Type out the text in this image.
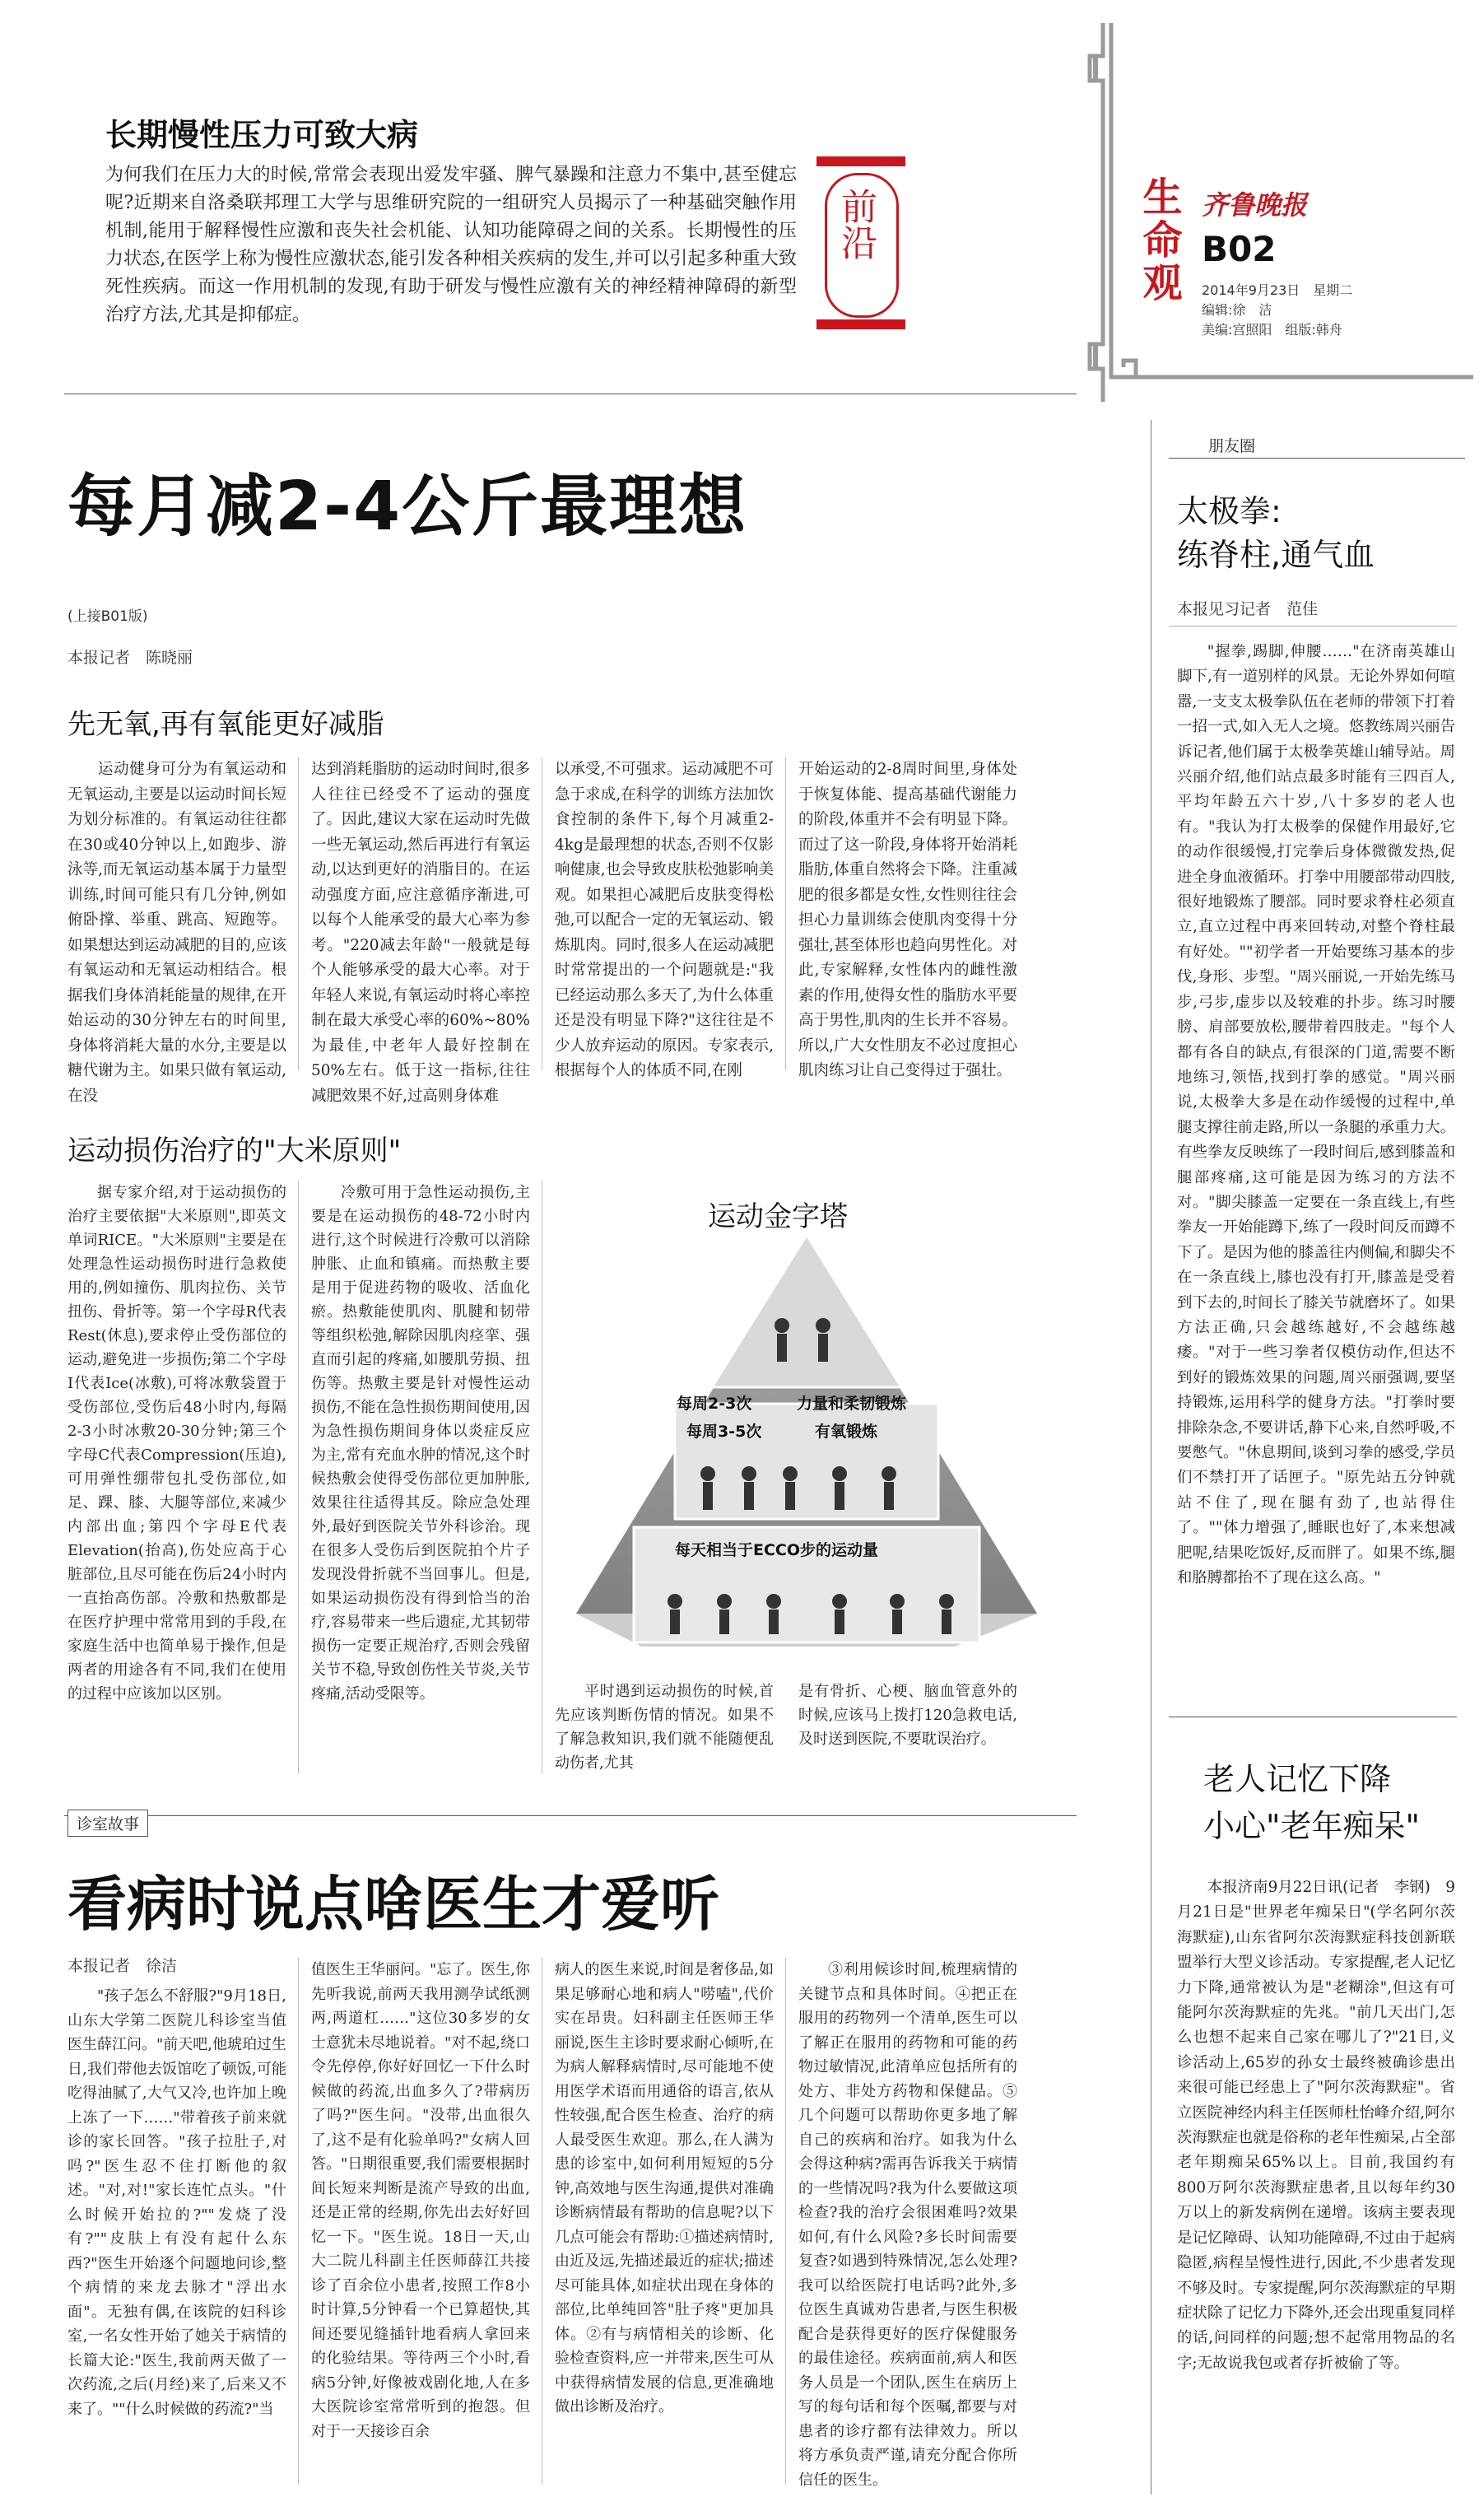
生命观 齐鲁晚报
B02
2014年9月23日　星期二
编辑:徐　洁
美编:宫照阳　组版:韩舟
长期慢性压力可致大病
为何我们在压力大的时候,常常会表现出爱发牢骚、脾气暴躁和注意力不集中,甚至健忘呢?近期来自洛桑联邦理工大学与思维研究院的一组研究人员揭示了一种基础突触作用机制,能用于解释慢性应激和丧失社会机能、认知功能障碍之间的关系。长期慢性的压力状态,在医学上称为慢性应激状态,能引发各种相关疾病的发生,并可以引起多种重大致死性疾病。而这一作用机制的发现,有助于研发与慢性应激有关的神经精神障碍的新型治疗方法,尤其是抑郁症。
前沿
每月减2-4公斤最理想
(上接B01版)
本报记者　陈晓丽
先无氧,再有氧能更好减脂

运动健身可分为有氧运动和无氧运动,主要是以运动时间长短为划分标准的。有氧运动往往都在30或40分钟以上,如跑步、游泳等,而无氧运动基本属于力量型训练,时间可能只有几分钟,例如俯卧撑、举重、跳高、短跑等。如果想达到运动减肥的目的,应该有氧运动和无氧运动相结合。根据我们身体消耗能量的规律,在开始运动的30分钟左右的时间里,身体将消耗大量的水分,主要是以糖代谢为主。如果只做有氧运动,在没

达到消耗脂肪的运动时间时,很多人往往已经受不了运动的强度了。因此,建议大家在运动时先做一些无氧运动,然后再进行有氧运动,以达到更好的消脂目的。在运动强度方面,应注意循序渐进,可以每个人能承受的最大心率为参考。"220减去年龄"一般就是每个人能够承受的最大心率。对于年轻人来说,有氧运动时将心率控制在最大承受心率的60%~80%为最佳,中老年人最好控制在50%左右。低于这一指标,往往减肥效果不好,过高则身体难

以承受,不可强求。运动减肥不可急于求成,在科学的训练方法加饮食控制的条件下,每个月减重2-4kg是最理想的状态,否则不仅影响健康,也会导致皮肤松弛影响美观。如果担心减肥后皮肤变得松弛,可以配合一定的无氧运动、锻炼肌肉。同时,很多人在运动减肥时常常提出的一个问题就是:"我已经运动那么多天了,为什么体重还是没有明显下降?"这往往是不少人放弃运动的原因。专家表示,根据每个人的体质不同,在刚

开始运动的2-8周时间里,身体处于恢复体能、提高基础代谢能力的阶段,体重并不会有明显下降。而过了这一阶段,身体将开始消耗脂肪,体重自然将会下降。注重减肥的很多都是女性,女性则往往会担心力量训练会使肌肉变得十分强壮,甚至体形也趋向男性化。对此,专家解释,女性体内的雌性激素的作用,使得女性的脂肪水平要高于男性,肌肉的生长并不容易。所以,广大女性朋友不必过度担心肌肉练习让自己变得过于强壮。

运动损伤治疗的"大米原则"

据专家介绍,对于运动损伤的治疗主要依据"大米原则",即英文单词RICE。"大米原则"主要是在处理急性运动损伤时进行急救使用的,例如撞伤、肌肉拉伤、关节扭伤、骨折等。第一个字母R代表Rest(休息),要求停止受伤部位的运动,避免进一步损伤;第二个字母I代表Ice(冰敷),可将冰敷袋置于受伤部位,受伤后48小时内,每隔2-3小时冰敷20-30分钟;第三个字母C代表Compression(压迫),可用弹性绷带包扎受伤部位,如足、踝、膝、大腿等部位,来减少内部出血;第四个字母E代表Elevation(抬高),伤处应高于心脏部位,且尽可能在伤后24小时内一直抬高伤部。冷敷和热敷都是在医疗护理中常常用到的手段,在家庭生活中也简单易于操作,但是两者的用途各有不同,我们在使用的过程中应该加以区别。

冷敷可用于急性运动损伤,主要是在运动损伤的48-72小时内进行,这个时候进行冷敷可以消除肿胀、止血和镇痛。而热敷主要是用于促进药物的吸收、活血化瘀。热敷能使肌肉、肌腱和韧带等组织松弛,解除因肌肉痉挛、强直而引起的疼痛,如腰肌劳损、扭伤等。热敷主要是针对慢性运动损伤,不能在急性损伤期间使用,因为急性损伤期间身体以炎症反应为主,常有充血水肿的情况,这个时候热敷会使得受伤部位更加肿胀,效果往往适得其反。除应急处理外,最好到医院关节外科诊治。现在很多人受伤后到医院拍个片子发现没骨折就不当回事儿。但是,如果运动损伤没有得到恰当的治疗,容易带来一些后遗症,尤其韧带损伤一定要正规治疗,否则会残留关节不稳,导致创伤性关节炎,关节疼痛,活动受限等。

运动金字塔
每周2-3次	力量和柔韧锻炼
每周3-5次	有氧锻炼
每天相当于ECCO步的运动量

平时遇到运动损伤的时候,首先应该判断伤情的情况。如果不了解急救知识,我们就不能随便乱动伤者,尤其

是有骨折、心梗、脑血管意外的时候,应该马上拨打120急救电话,及时送到医院,不要耽误治疗。

诊室故事
看病时说点啥医生才爱听
本报记者　徐洁

"孩子怎么不舒服?"9月18日,山东大学第二医院儿科诊室当值医生薛江问。"前天吧,他琥珀过生日,我们带他去饭馆吃了顿饭,可能吃得油腻了,大气又冷,也许加上晚上冻了一下……"带着孩子前来就诊的家长回答。"孩子拉肚子,对吗?"医生忍不住打断他的叙述。"对,对!"家长连忙点头。"什么时候开始拉的?""发烧了没有?""皮肤上有没有起什么东西?"医生开始逐个问题地问诊,整个病情的来龙去脉才"浮出水面"。无独有偶,在该院的妇科诊室,一名女性开始了她关于病情的长篇大论:"医生,我前两天做了一次药流,之后(月经)来了,后来又不来了。""什么时候做的药流?"当

值医生王华丽问。"忘了。医生,你先听我说,前两天我用测孕试纸测两,两道杠……"这位30多岁的女士意犹未尽地说着。"对不起,绕口令先停停,你好好回忆一下什么时候做的药流,出血多久了?带病历了吗?"医生问。"没带,出血很久了,这不是有化验单吗?"女病人回答。"日期很重要,我们需要根据时间长短来判断是流产导致的出血,还是正常的经期,你先出去好好回忆一下。"医生说。18日一天,山大二院儿科副主任医师薛江共接诊了百余位小患者,按照工作8小时计算,5分钟看一个已算超快,其间还要见缝插针地看病人拿回来的化验结果。等待两三个小时,看病5分钟,好像被戏剧化地,人在多大医院诊室常常听到的抱怨。但对于一天接诊百余

病人的医生来说,时间是奢侈品,如果足够耐心地和病人"唠嗑",代价实在昂贵。妇科副主任医师王华丽说,医生主诊时要求耐心倾听,在为病人解释病情时,尽可能地不使用医学术语而用通俗的语言,依从性较强,配合医生检查、治疗的病人最受医生欢迎。那么,在人满为患的诊室中,如何利用短短的5分钟,高效地与医生沟通,提供对准确诊断病情最有帮助的信息呢?以下几点可能会有帮助:①描述病情时,由近及远,先描述最近的症状;描述尽可能具体,如症状出现在身体的部位,比单纯回答"肚子疼"更加具体。②有与病情相关的诊断、化验检查资料,应一并带来,医生可从中获得病情发展的信息,更准确地做出诊断及治疗。

③利用候诊时间,梳理病情的关键节点和具体时间。④把正在服用的药物列一个清单,医生可以了解正在服用的药物和可能的药物过敏情况,此清单应包括所有的处方、非处方药物和保健品。⑤几个问题可以帮助你更多地了解自己的疾病和治疗。如我为什么会得这种病?需再告诉我关于病情的一些情况吗?我为什么要做这项检查?我的治疗会很困难吗?效果如何,有什么风险?多长时间需要复查?如遇到特殊情况,怎么处理?我可以给医院打电话吗?此外,多位医生真诚劝告患者,与医生积极配合是获得更好的医疗保健服务的最佳途径。疾病面前,病人和医务人员是一个团队,医生在病历上写的每句话和每个医嘱,都要与对患者的诊疗都有法律效力。所以将方承负责严谨,请充分配合你所信任的医生。

朋友圈
太极拳:
练脊柱,通气血
本报见习记者　范佳

"握拳,踢脚,伸腰……"在济南英雄山脚下,有一道别样的风景。无论外界如何喧嚣,一支支太极拳队伍在老师的带领下打着一招一式,如入无人之境。悠教练周兴丽告诉记者,他们属于太极拳英雄山辅导站。周兴丽介绍,他们站点最多时能有三四百人,平均年龄五六十岁,八十多岁的老人也有。"我认为打太极拳的保健作用最好,它的动作很缓慢,打完拳后身体微微发热,促进全身血液循环。打拳中用腰部带动四肢,很好地锻炼了腰部。同时要求脊柱必须直立,直立过程中再来回转动,对整个脊柱最有好处。""初学者一开始要练习基本的步伐,身形、步型。"周兴丽说,一开始先练马步,弓步,虚步以及较难的扑步。练习时腰膀、肩部要放松,腰带着四肢走。"每个人都有各自的缺点,有很深的门道,需要不断地练习,领悟,找到打拳的感觉。"周兴丽说,太极拳大多是在动作缓慢的过程中,单腿支撑往前走路,所以一条腿的承重力大。有些拳友反映练了一段时间后,感到膝盖和腿部疼痛,这可能是因为练习的方法不对。"脚尖膝盖一定要在一条直线上,有些拳友一开始能蹲下,练了一段时间反而蹲不下了。是因为他的膝盖往内侧偏,和脚尖不在一条直线上,膝也没有打开,膝盖是受着到下去的,时间长了膝关节就磨坏了。如果方法正确,只会越练越好,不会越练越痿。"对于一些习拳者仅模仿动作,但达不到好的锻炼效果的问题,周兴丽强调,要坚持锻炼,运用科学的健身方法。"打拳时要排除杂念,不要讲话,静下心来,自然呼吸,不要憋气。"休息期间,谈到习拳的感受,学员们不禁打开了话匣子。"原先站五分钟就站不住了,现在腿有劲了,也站得住了。""体力增强了,睡眠也好了,本来想减肥呢,结果吃饭好,反而胖了。如果不练,腿和胳膊都抬不了现在这么高。"

老人记忆下降
小心"老年痴呆"

本报济南9月22日讯(记者　李钢)　9月21日是"世界老年痴呆日"(学名阿尔茨海默症),山东省阿尔茨海默症科技创新联盟举行大型义诊活动。专家提醒,老人记忆力下降,通常被认为是"老糊涂",但这有可能阿尔茨海默症的先兆。"前几天出门,怎么也想不起来自己家在哪儿了?"21日,义诊活动上,65岁的孙女士最终被确诊患出来很可能已经患上了"阿尔茨海默症"。省立医院神经内科主任医师杜怡峰介绍,阿尔茨海默症也就是俗称的老年性痴呆,占全部老年期痴呆65%以上。目前,我国约有800万阿尔茨海默症患者,且以每年约30万以上的新发病例在递增。该病主要表现是记忆障碍、认知功能障碍,不过由于起病隐匿,病程呈慢性进行,因此,不少患者发现不够及时。专家提醒,阿尔茨海默症的早期症状除了记忆力下降外,还会出现重复同样的话,问同样的问题;想不起常用物品的名字;无故说我包或者存折被偷了等。
